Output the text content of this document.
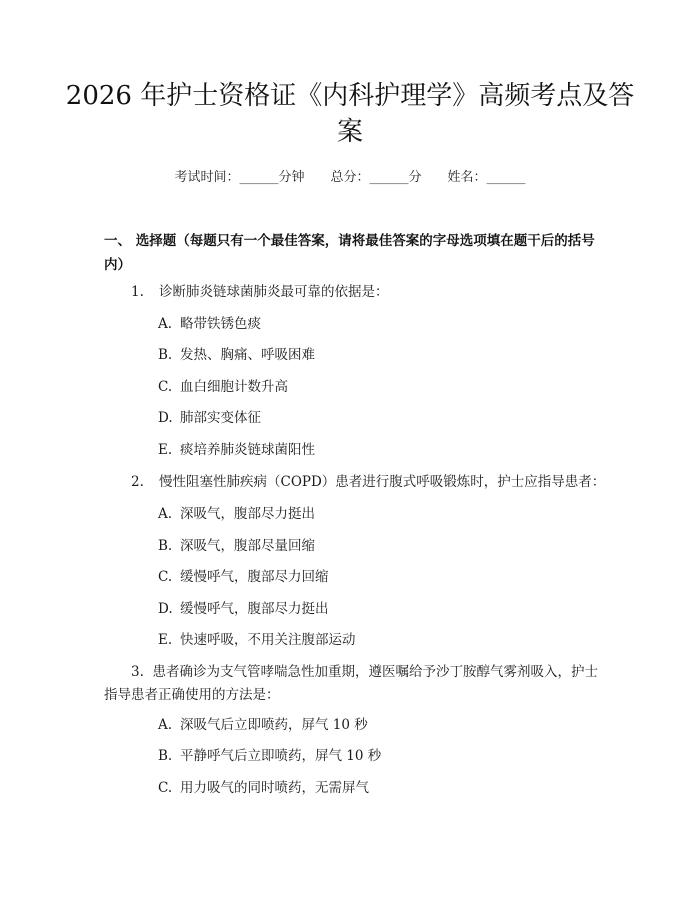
2026 年护士资格证《内科护理学》高频考点及答案
考试时间：______分钟 总分：______分 姓名：______

一、 选择题（每题只有一个最佳答案，请将最佳答案的字母选项填在题干后的括号内）

1. 诊断肺炎链球菌肺炎最可靠的依据是：

A. 略带铁锈色痰

B. 发热、胸痛、呼吸困难

C. 血白细胞计数升高

D. 肺部实变体征

E. 痰培养肺炎链球菌阳性

2. 慢性阻塞性肺疾病（COPD）患者进行腹式呼吸锻炼时，护士应指导患者：

A. 深吸气，腹部尽力挺出

B. 深吸气，腹部尽量回缩

C. 缓慢呼气，腹部尽力回缩

D. 缓慢呼气，腹部尽力挺出

E. 快速呼吸，不用关注腹部运动

3. 患者确诊为支气管哮喘急性加重期，遵医嘱给予沙丁胺醇气雾剂吸入，护士指导患者正确使用的方法是：

A. 深吸气后立即喷药，屏气 10 秒

B. 平静呼气后立即喷药，屏气 10 秒

C. 用力吸气的同时喷药，无需屏气
